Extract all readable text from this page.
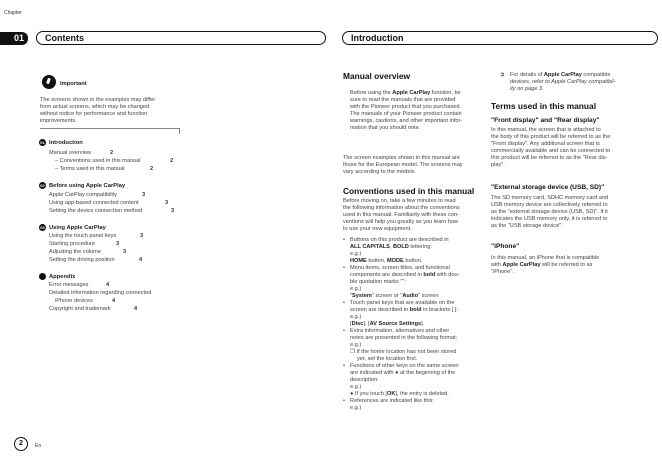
Chapter
01	Contents	Introduction
Important
The screens shown in the examples may differ
from actual screens, which may be changed
without notice for performance and function
improvements.
01 Introduction
Manual overview	2
– Conventions used in this manual	2
– Terms used in this manual	2
02 Before using Apple CarPlay
Apple CarPlay compatibility	3
Using app-based connected content	3
Setting the device connection method	3
03 Using Apple CarPlay
Using the touch panel keys	3
Starting procedure	3
Adjusting the volume	3
Setting the driving position	4
Appendix
Error messages	4
Detailed information regarding connected
iPhone devices	4
Copyright and trademark	4
Manual overview
Before using the Apple CarPlay function, be
sure to read the manuals that are provided
with the Pioneer product that you purchased.
The manuals of your Pioneer product contain
warnings, cautions, and other important infor-
mation that you should note.
The screen examples shown in this manual are
those for the European model. The screens may
vary according to the models.
Conventions used in this manual
Before moving on, take a few minutes to read
the following information about the conventions
used in this manual. Familiarity with these con-
ventions will help you greatly as you learn how
to use your new equipment.
• Buttons on this product are described in
ALL CAPITALS, BOLD lettering:
e.g.)
HOME button, MODE button.
• Menu items, screen titles, and functional
components are described in bold with dou-
ble quotation marks "":
e.g.)
"System" screen or "Audio" screen
• Touch panel keys that are available on the
screen are described in bold in brackets [ ]:
e.g.)
[Disc], [AV Source Settings].
• Extra information, alternatives and other
notes are presented in the following format:
e.g.)
❒ If the home location has not been stored
yet, set the location first.
• Functions of other keys on the same screen
are indicated with ● at the beginning of the
description:
e.g.)
● If you touch [OK], the entry is deleted.
• References are indicated like this:
e.g.)
➲ For details of Apple CarPlay compatible
devices, refer to Apple CarPlay compatibil-
ity on page 3.
Terms used in this manual
"Front display" and "Rear display"
In this manual, the screen that is attached to
the body of this product will be referred to as the
"Front display". Any additional screen that is
commercially available and can be connected to
this product will be referred to as the "Rear dis-
play".
"External storage device (USB, SD)"
The SD memory card, SDHC memory card and
USB memory device are collectively referred to
as the "external storage device (USB, SD)". If it
indicates the USB memory only, it is referred to
as the "USB storage device".
"iPhone"
In this manual, an iPhone that is compatible
with Apple CarPlay will be referred to as
"iPhone".
2	En
